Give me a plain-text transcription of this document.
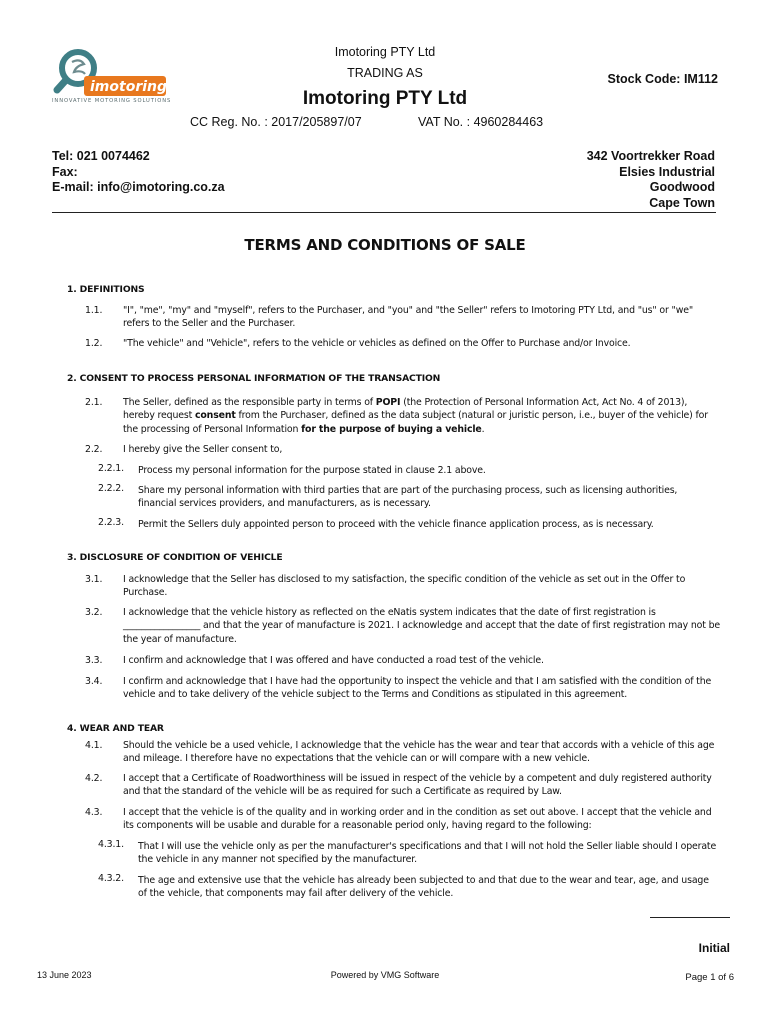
imotoring
INNOVATIVE MOTORING SOLUTIONS
Imotoring PTY Ltd
TRADING AS
Imotoring PTY Ltd
Stock Code: IM112
CC Reg. No. : 2017/205897/07	VAT No. : 4960284463
Tel: 021 0074462
Fax:
E-mail: info@imotoring.co.za
342 Voortrekker Road
Elsies Industrial
Goodwood
Cape Town
TERMS AND CONDITIONS OF SALE
1. DEFINITIONS
1.1. "I", "me", "my" and "myself", refers to the Purchaser, and "you" and "the Seller" refers to Imotoring PTY Ltd, and "us" or "we" refers to the Seller and the Purchaser.
1.2. "The vehicle" and "Vehicle", refers to the vehicle or vehicles as defined on the Offer to Purchase and/or Invoice.
2. CONSENT TO PROCESS PERSONAL INFORMATION OF THE TRANSACTION
2.1. The Seller, defined as the responsible party in terms of POPI (the Protection of Personal Information Act, Act No. 4 of 2013), hereby request consent from the Purchaser, defined as the data subject (natural or juristic person, i.e., buyer of the vehicle) for the processing of Personal Information for the purpose of buying a vehicle.
2.2. I hereby give the Seller consent to,
2.2.1. Process my personal information for the purpose stated in clause 2.1 above.
2.2.2. Share my personal information with third parties that are part of the purchasing process, such as licensing authorities, financial services providers, and manufacturers, as is necessary.
2.2.3. Permit the Sellers duly appointed person to proceed with the vehicle finance application process, as is necessary.
3. DISCLOSURE OF CONDITION OF VEHICLE
3.1. I acknowledge that the Seller has disclosed to my satisfaction, the specific condition of the vehicle as set out in the Offer to Purchase.
3.2. I acknowledge that the vehicle history as reflected on the eNatis system indicates that the date of first registration is _________________ and that the year of manufacture is 2021. I acknowledge and accept that the date of first registration may not be the year of manufacture.
3.3. I confirm and acknowledge that I was offered and have conducted a road test of the vehicle.
3.4. I confirm and acknowledge that I have had the opportunity to inspect the vehicle and that I am satisfied with the condition of the vehicle and to take delivery of the vehicle subject to the Terms and Conditions as stipulated in this agreement.
4. WEAR AND TEAR
4.1. Should the vehicle be a used vehicle, I acknowledge that the vehicle has the wear and tear that accords with a vehicle of this age and mileage. I therefore have no expectations that the vehicle can or will compare with a new vehicle.
4.2. I accept that a Certificate of Roadworthiness will be issued in respect of the vehicle by a competent and duly registered authority and that the standard of the vehicle will be as required for such a Certificate as required by Law.
4.3. I accept that the vehicle is of the quality and in working order and in the condition as set out above. I accept that the vehicle and its components will be usable and durable for a reasonable period only, having regard to the following:
4.3.1. That I will use the vehicle only as per the manufacturer's specifications and that I will not hold the Seller liable should I operate the vehicle in any manner not specified by the manufacturer.
4.3.2. The age and extensive use that the vehicle has already been subjected to and that due to the wear and tear, age, and usage of the vehicle, that components may fail after delivery of the vehicle.
Initial
13 June 2023	Powered by VMG Software	Page 1 of 6
